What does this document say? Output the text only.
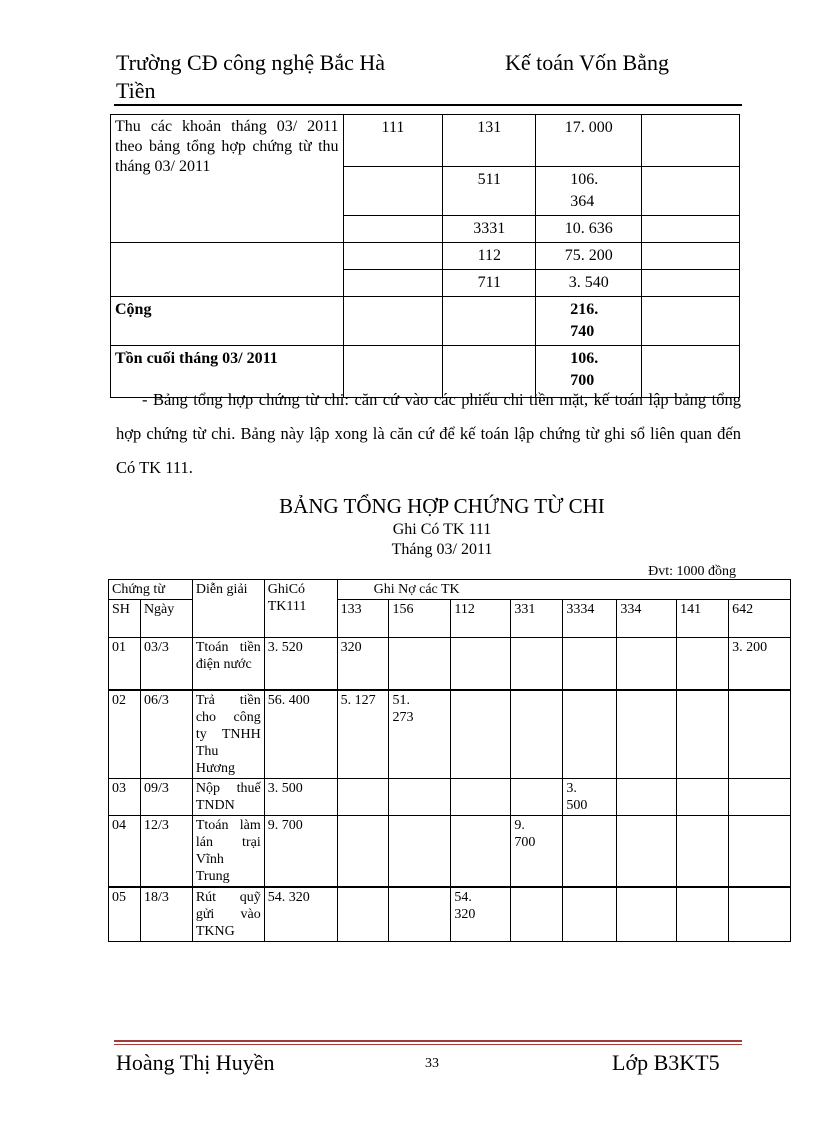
Trường CĐ công nghệ Bắc Hà	Kế toán Vốn Bằng
Tiền
Thu các khoản tháng 03/ 2011 theo bảng tổng hợp chứng từ thu tháng 03/ 2011	111	131	17. 000	
		511	106. 364	
		3331	10. 636	
		112	75. 200	
		711	3. 540	
Cộng			216. 740	
Tồn cuối tháng 03/ 2011			106. 700	

- Bảng tổng hợp chứng từ chi: căn cứ vào các phiếu chi tiền mặt, kế toán lập bảng tổng hợp chứng từ chi. Bảng này lập xong là căn cứ để kế toán lập chứng từ ghi sổ liên quan đến Có TK 111.

BẢNG TỔNG HỢP CHỨNG TỪ CHI
Ghi Có TK 111
Tháng 03/ 2011
Đvt: 1000 đồng
Chứng từ		Diễn giải	GhiCó TK111	Ghi Nợ các TK							
SH	Ngày			133	156	112	331	3334	334	141	642
01	03/3	Ttoán tiền điện nước	3. 520	320							3. 200
02	06/3	Trả tiền cho công ty TNHH Thu Hương	56. 400	5. 127	51. 273						
03	09/3	Nộp thuế TNDN	3. 500					3. 500			
04	12/3	Ttoán làm lán trại Vĩnh Trung	9. 700				9. 700				
05	18/3	Rút quỹ gửi vào TKNG	54. 320			54. 320					
Hoàng Thị Huyền	33	Lớp B3KT5
